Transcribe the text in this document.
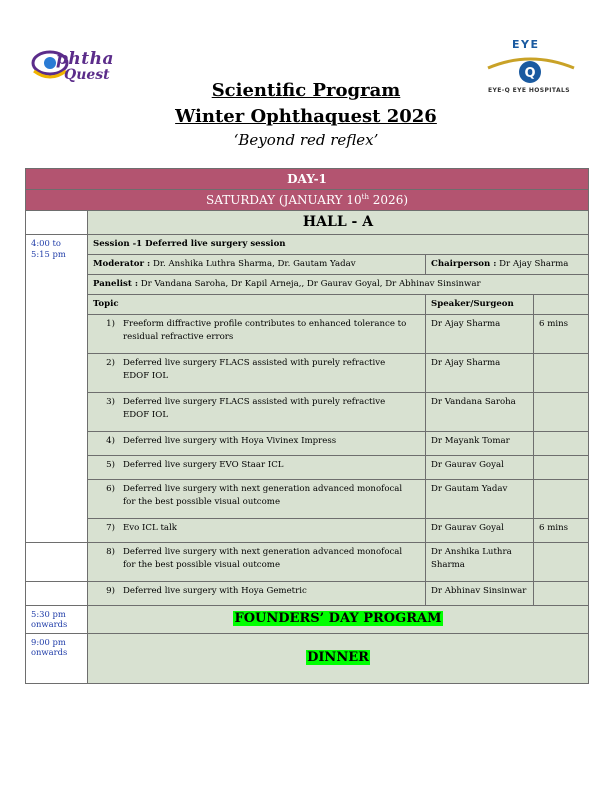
phtha
Quest
EYE
Q
EYE-Q EYE HOSPITALS
Scientific Program
Winter Ophthaquest 2026
‘Beyond red reflex’
DAY-1			
SATURDAY (JANUARY 10th 2026)			
	HALL - A		
4:00 to 5:15 pm	Session -1 Deferred live surgery session		
	Moderator : Dr. Anshika Luthra Sharma, Dr. Gautam Yadav	Chairperson : Dr Ajay Sharma	
	Panelist : Dr Vandana Saroha, Dr Kapil Arneja,, Dr Gaurav Goyal, Dr Abhinav Sinsinwar		
	Topic	Speaker/Surgeon	
	1) Freeform diffractive profile contributes to enhanced tolerance to residual refractive errors	Dr Ajay Sharma	6 mins
	2) Deferred live surgery FLACS assisted with purely refractive EDOF IOL	Dr Ajay Sharma	
	3) Deferred live surgery FLACS assisted with purely refractive EDOF IOL	Dr Vandana Saroha	
	4) Deferred live surgery with Hoya Vivinex Impress	Dr Mayank Tomar	
	5) Deferred live surgery EVO Staar ICL	Dr Gaurav Goyal	
	6) Deferred live surgery with next generation advanced monofocal for the best possible visual outcome	Dr Gautam Yadav	
	7) Evo ICL talk	Dr Gaurav Goyal	6 mins
	8) Deferred live surgery with next generation advanced monofocal for the best possible visual outcome	Dr Anshika Luthra Sharma	
	9) Deferred live surgery with Hoya Gemetric	Dr Abhinav Sinsinwar	
5:30 pm onwards	FOUNDERS’ DAY PROGRAM		
9:00 pm onwards	DINNER		
